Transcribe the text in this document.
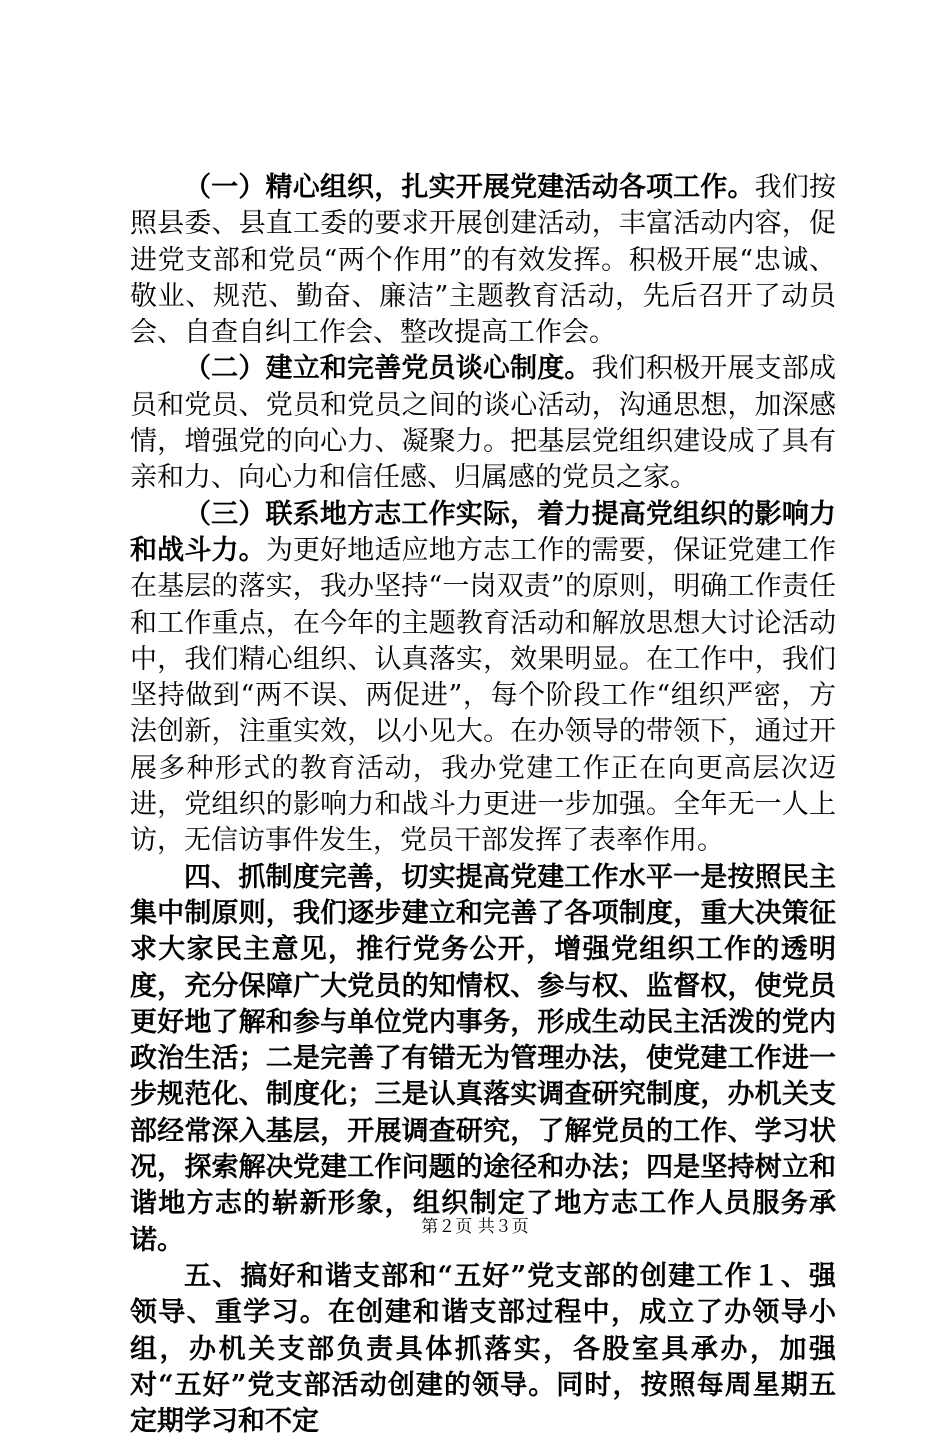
（一）精心组织，扎实开展党建活动各项工作。我们按照县委、县直工委的要求开展创建活动，丰富活动内容，促进党支部和党员“两个作用”的有效发挥。积极开展“忠诚、敬业、规范、勤奋、廉洁”主题教育活动，先后召开了动员会、自查自纠工作会、整改提高工作会。

（二）建立和完善党员谈心制度。我们积极开展支部成员和党员、党员和党员之间的谈心活动，沟通思想，加深感情，增强党的向心力、凝聚力。把基层党组织建设成了具有亲和力、向心力和信任感、归属感的党员之家。

（三）联系地方志工作实际，着力提高党组织的影响力和战斗力。为更好地适应地方志工作的需要，保证党建工作在基层的落实，我办坚持“一岗双责”的原则，明确工作责任和工作重点，在今年的主题教育活动和解放思想大讨论活动中，我们精心组织、认真落实，效果明显。在工作中，我们坚持做到“两不误、两促进”，每个阶段工作“组织严密，方法创新，注重实效，以小见大。在办领导的带领下，通过开展多种形式的教育活动，我办党建工作正在向更高层次迈进，党组织的影响力和战斗力更进一步加强。全年无一人上访，无信访事件发生，党员干部发挥了表率作用。

四、抓制度完善，切实提高党建工作水平一是按照民主集中制原则，我们逐步建立和完善了各项制度，重大决策征求大家民主意见，推行党务公开，增强党组织工作的透明度，充分保障广大党员的知情权、参与权、监督权，使党员更好地了解和参与单位党内事务，形成生动民主活泼的党内政治生活；二是完善了有错无为管理办法，使党建工作进一步规范化、制度化；三是认真落实调查研究制度，办机关支部经常深入基层，开展调查研究，了解党员的工作、学习状况，探索解决党建工作问题的途径和办法；四是坚持树立和谐地方志的崭新形象，组织制定了地方志工作人员服务承诺。

五、搞好和谐支部和“五好”党支部的创建工作１、强领导、重学习。在创建和谐支部过程中，成立了办领导小组，办机关支部负责具体抓落实，各股室具承办，加强对“五好”党支部活动创建的领导。同时，按照每周星期五定期学习和不定

第２页 共３页
